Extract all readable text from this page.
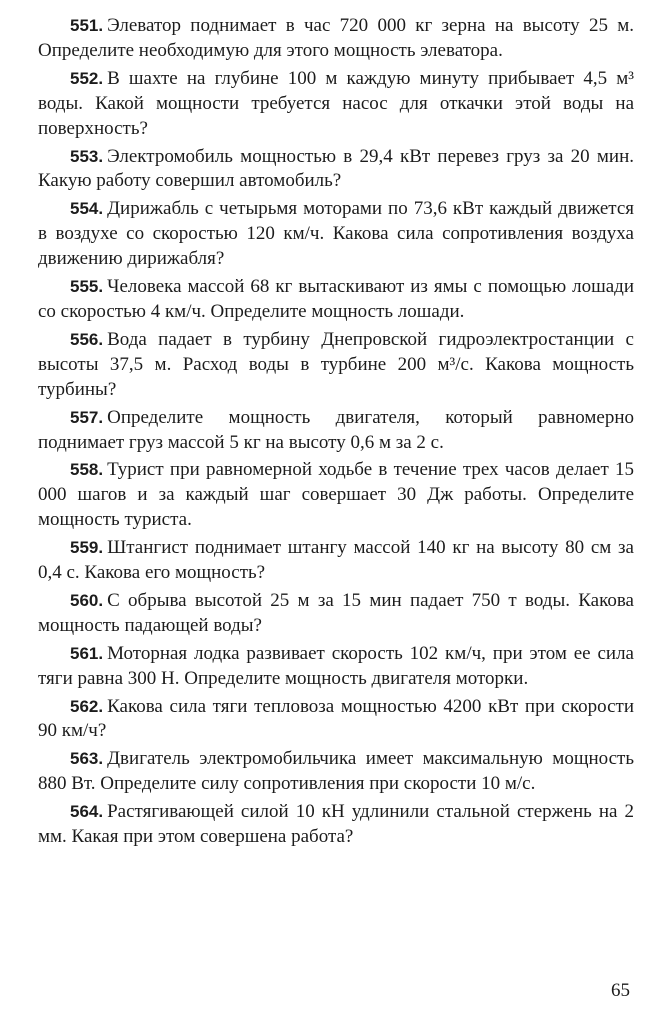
551. Элеватор поднимает в час 720 000 кг зерна на высоту 25 м. Определите необходимую для этого мощность элеватора.

552. В шахте на глубине 100 м каждую минуту прибывает 4,5 м³ воды. Какой мощности требуется насос для откачки этой воды на поверхность?

553. Электромобиль мощностью в 29,4 кВт перевез груз за 20 мин. Какую работу совершил автомобиль?

554. Дирижабль с четырьмя моторами по 73,6 кВт каждый движется в воздухе со скоростью 120 км/ч. Какова сила сопротивления воздуха движению дирижабля?

555. Человека массой 68 кг вытаскивают из ямы с помощью лошади со скоростью 4 км/ч. Определите мощность лошади.

556. Вода падает в турбину Днепровской гидроэлектростанции с высоты 37,5 м. Расход воды в турбине 200 м³/с. Какова мощность турбины?

557. Определите мощность двигателя, который равномерно поднимает груз массой 5 кг на высоту 0,6 м за 2 с.

558. Турист при равномерной ходьбе в течение трех часов делает 15 000 шагов и за каждый шаг совершает 30 Дж работы. Определите мощность туриста.

559. Штангист поднимает штангу массой 140 кг на высоту 80 см за 0,4 с. Какова его мощность?

560. С обрыва высотой 25 м за 15 мин падает 750 т воды. Какова мощность падающей воды?

561. Моторная лодка развивает скорость 102 км/ч, при этом ее сила тяги равна 300 Н. Определите мощность двигателя моторки.

562. Какова сила тяги тепловоза мощностью 4200 кВт при скорости 90 км/ч?

563. Двигатель электромобильчика имеет максимальную мощность 880 Вт. Определите силу сопротивления при скорости 10 м/с.

564. Растягивающей силой 10 кН удлинили стальной стержень на 2 мм. Какая при этом совершена работа?

65
